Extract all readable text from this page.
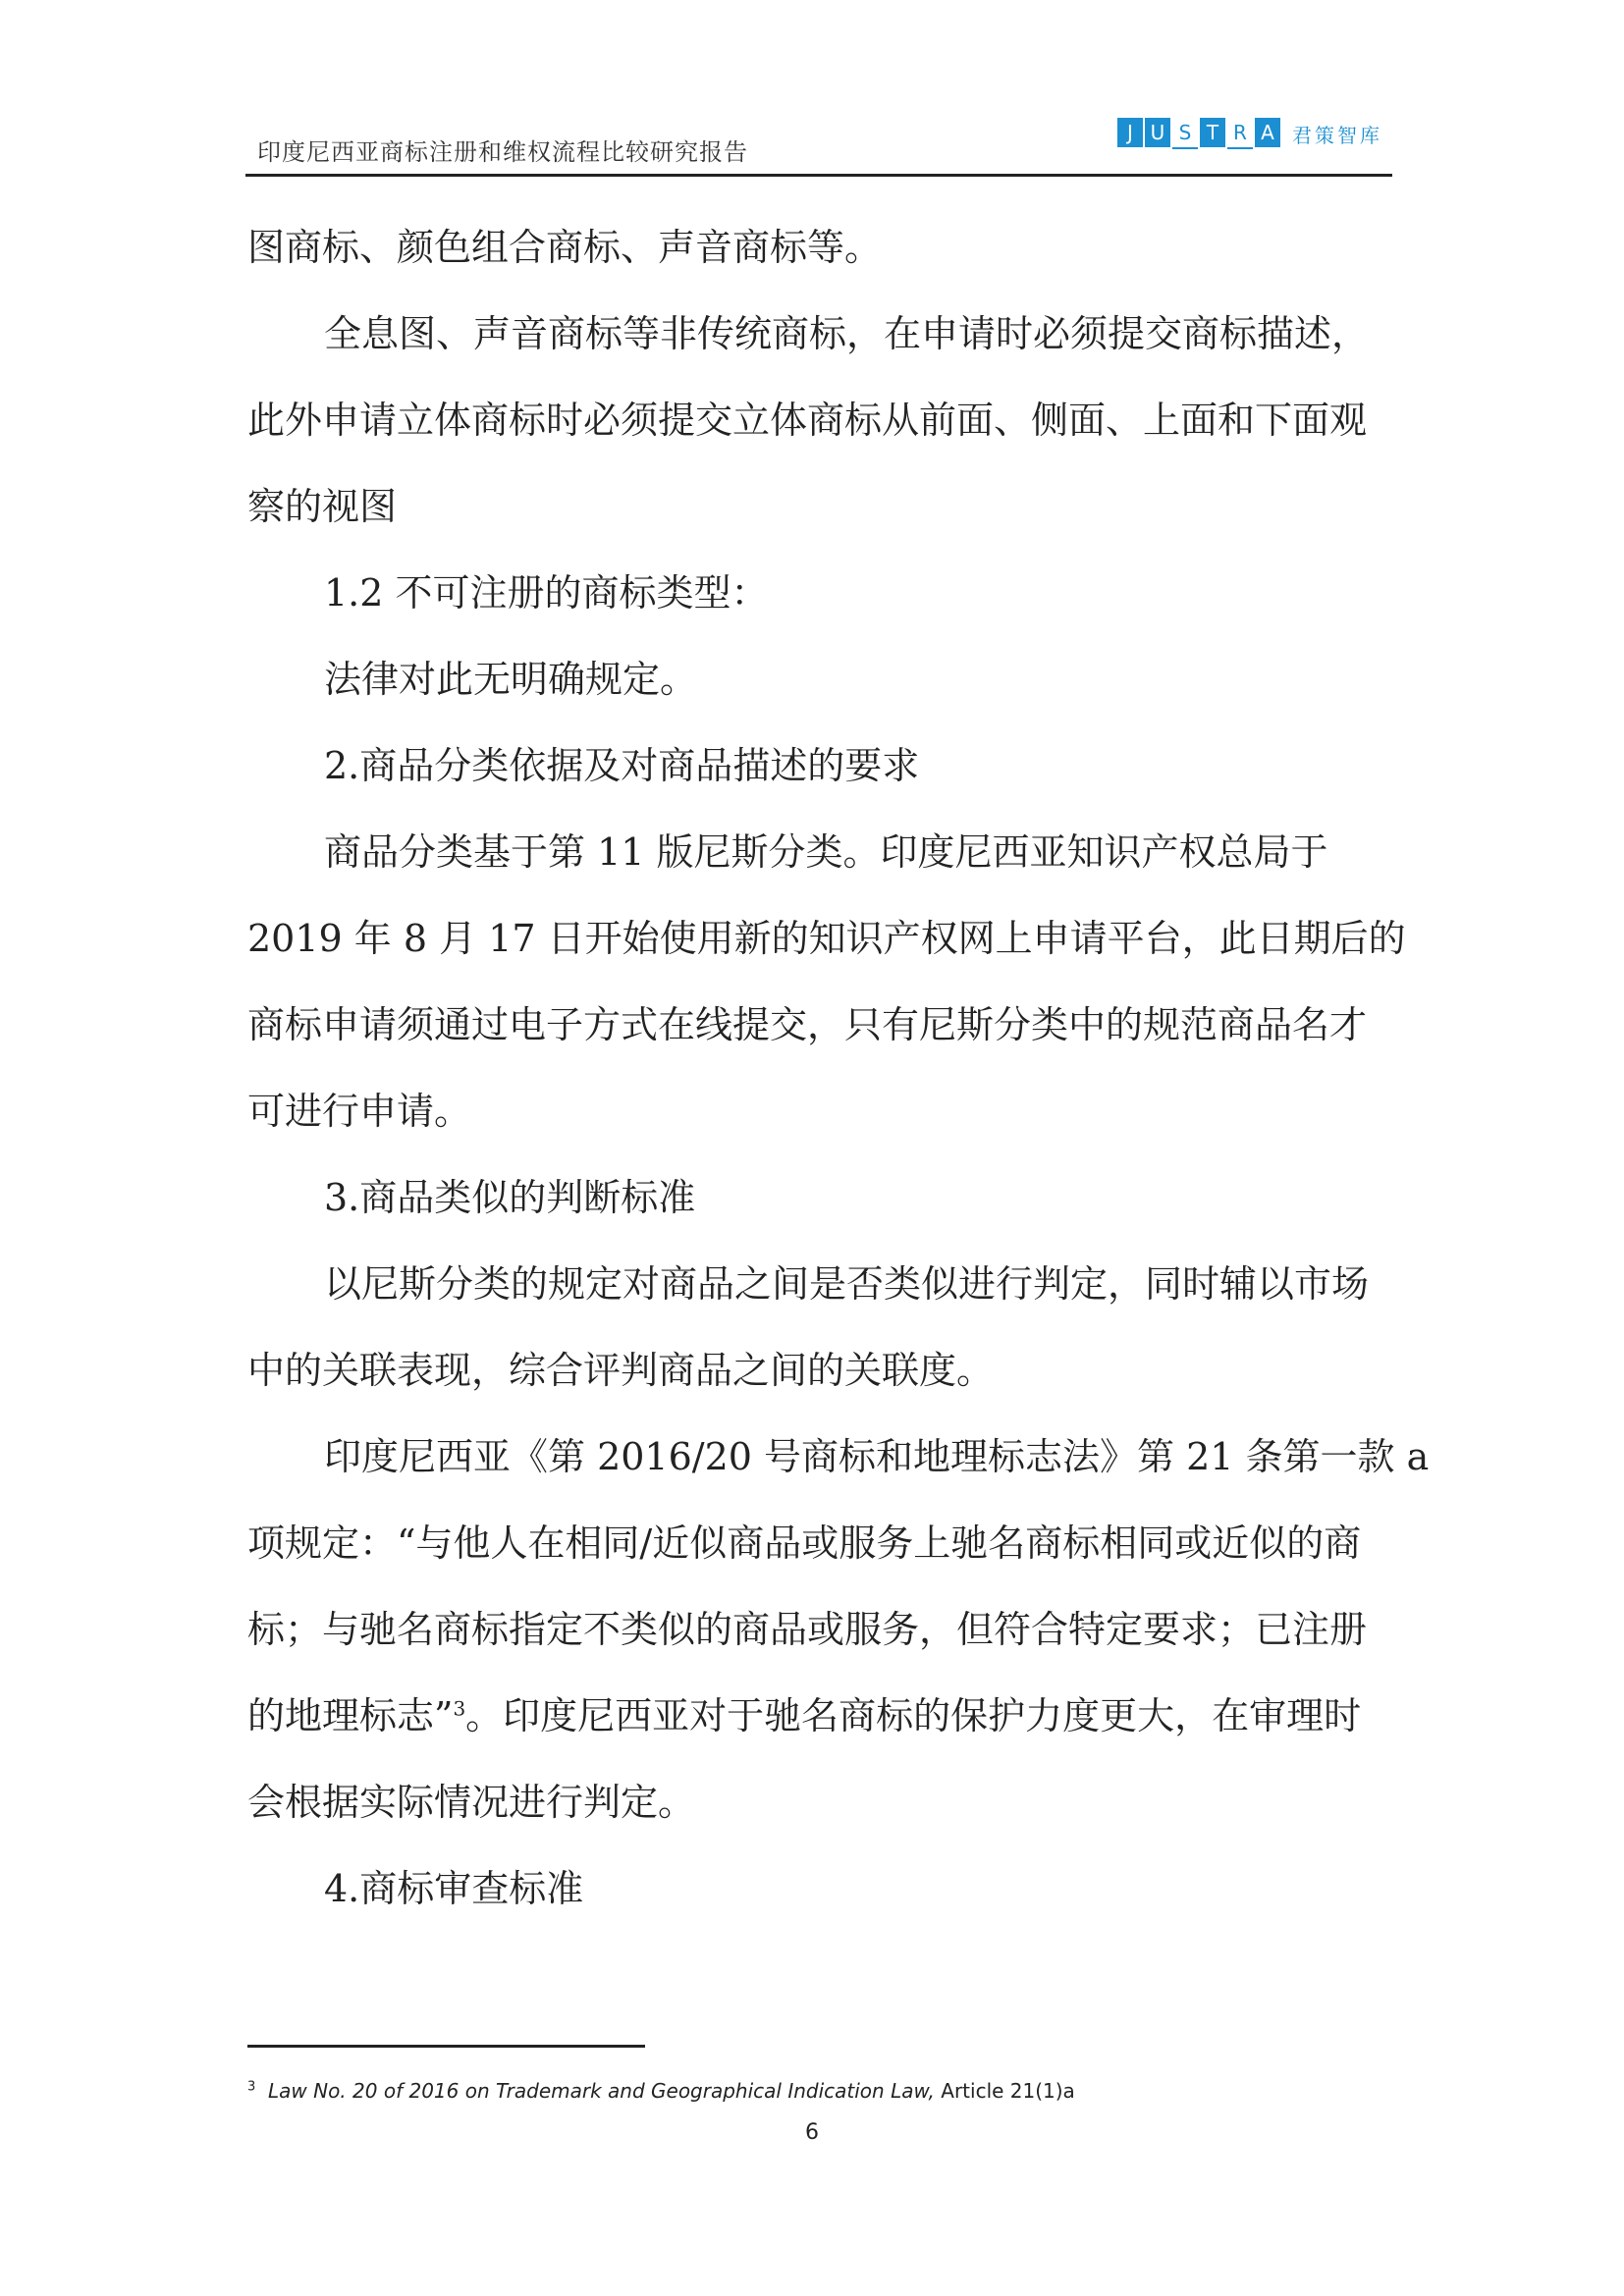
印度尼西亚商标注册和维权流程比较研究报告
J U S T R A 君策智库
图商标、颜色组合商标、声音商标等。
全息图、声音商标等非传统商标，在申请时必须提交商标描述，
此外申请立体商标时必须提交立体商标从前面、侧面、上面和下面观
察的视图
1.2 不可注册的商标类型：
法律对此无明确规定。
2.商品分类依据及对商品描述的要求
商品分类基于第 11 版尼斯分类。印度尼西亚知识产权总局于
2019 年 8 月 17 日开始使用新的知识产权网上申请平台，此日期后的
商标申请须通过电子方式在线提交，只有尼斯分类中的规范商品名才
可进行申请。
3.商品类似的判断标准
以尼斯分类的规定对商品之间是否类似进行判定，同时辅以市场
中的关联表现，综合评判商品之间的关联度。
印度尼西亚《第 2016/20 号商标和地理标志法》第 21 条第一款 a
项规定：“与他人在相同/近似商品或服务上驰名商标相同或近似的商
标；与驰名商标指定不类似的商品或服务，但符合特定要求；已注册
的地理标志”$^3$。印度尼西亚对于驰名商标的保护力度更大，在审理时
会根据实际情况进行判定。
4.商标审查标准
$^3$ Law No. 20 of 2016 on Trademark and Geographical Indication Law, Article 21(1)a
6
